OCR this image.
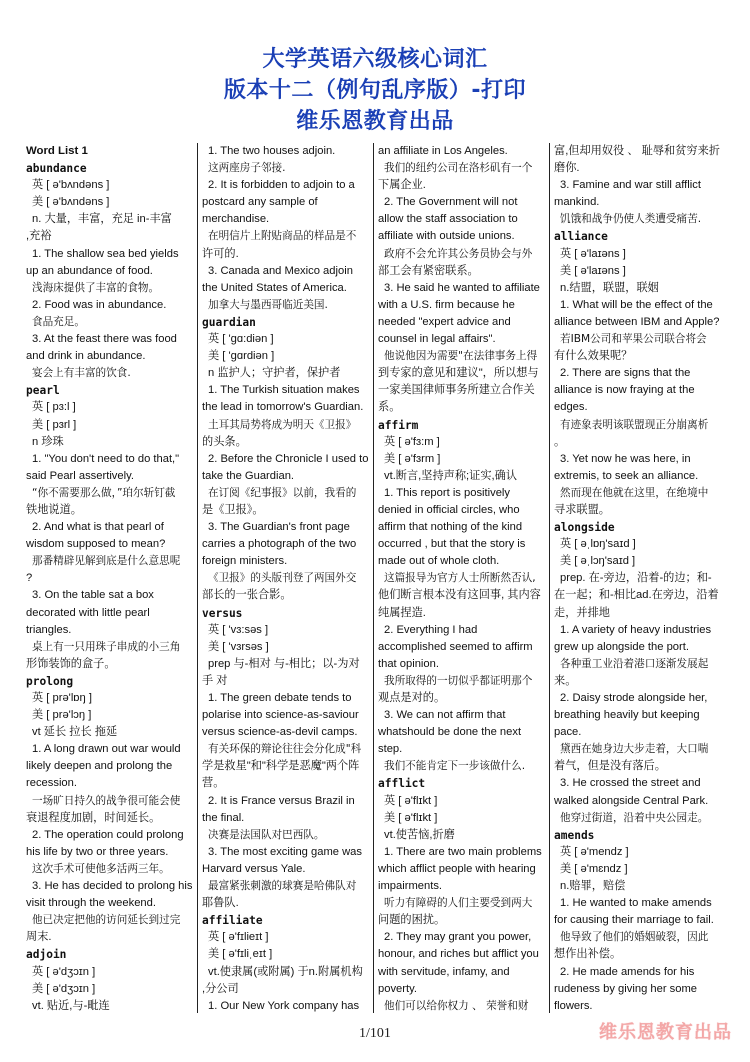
大学英语六级核心词汇

版本十二（例句乱序版）-打印

维乐恩教育出品

Word List 1

abundance

英 [ ə'bʌndəns ]

美 [ ə'bʌndəns ]

n. 大量，丰富，充足 in-丰富

,充裕

1. The shallow sea bed yields

up an abundance of food.

浅海床提供了丰富的食物。

2. Food was in abundance.

食品充足。

3. At the feast there was food

and drink in abundance.

宴会上有丰富的饮食.

pearl

英 [ pɜ:l ]

美 [ pɜrl ]

n 珍珠

1. "You don't need to do that,"

said Pearl assertively.

“你不需要那么做，”珀尔斩钉截

铁地说道。

2. And what is that pearl of

wisdom supposed to mean?

那番精辟见解到底是什么意思呢

?

3. On the table sat a box

decorated with little pearl

triangles.

桌上有一只用珠子串成的小三角

形饰装饰的盒子。

prolong

英 [ prə'lɒŋ ]

美 [ prə'lɔŋ ]

vt 延长 拉长 拖延

1. A long drawn out war would

likely deepen and prolong the

recession.

一场旷日持久的战争很可能会使

衰退程度加剧，时间延长。

2. The operation could prolong

his life by two or three years.

这次手术可使他多活两三年。

3. He has decided to prolong his

visit through the weekend.

他已决定把他的访问延长到过完

周末.

adjoin

英 [ ə'dʒɔɪn ]

美 [ ə'dʒɔɪn ]

vt. 贴近,与-毗连

1. The two houses adjoin.

这两座房子邻接.

2. It is forbidden to adjoin to a

postcard any sample of

merchandise.

在明信片上附贴商品的样品是不

许可的.

3. Canada and Mexico adjoin

the United States of America.

加拿大与墨西哥临近美国.

guardian

英 [ 'gɑ:diən ]

美 [ 'gɑrdiən ]

n 监护人；守护者，保护者

1. The Turkish situation makes

the lead in tomorrow's Guardian.

土耳其局势将成为明天《卫报》

的头条。

2. Before the Chronicle I used to

take the Guardian.

在订阅《纪事报》以前，我看的

是《卫报》。

3. The Guardian's front page

carries a photograph of the two

foreign ministers.

《卫报》的头版刊登了两国外交

部长的一张合影。

versus

英 [ 'vɜ:səs ]

美 [ 'vɜrsəs ]

prep 与-相对 与-相比；以-为对

手 对

1. The green debate tends to

polarise into science-as-saviour

versus science-as-devil camps.

有关环保的辩论往往会分化成"科

学是救星"和"科学是恶魔"两个阵

营。

2. It is France versus Brazil in

the final.

决赛是法国队对巴西队。

3. The most exciting game was

Harvard versus Yale.

最富紧张刺激的球赛是哈佛队对

耶鲁队.

affiliate

英 [ ə'fɪlieɪt ]

美 [ ə'fɪliˌeɪt ]

vt.使隶属(或附属) 于n.附属机构

,分公司

1. Our New York company has

an affiliate in Los Angeles.

我们的纽约公司在洛杉矶有一个

下属企业.

2. The Government will not

allow the staff association to

affiliate with outside unions.

政府不会允许其公务员协会与外

部工会有紧密联系。

3. He said he wanted to affiliate

with a U.S. firm because he

needed "expert advice and

counsel in legal affairs".

他说他因为需要"在法律事务上得

到专家的意见和建议"，所以想与

一家美国律师事务所建立合作关

系。

affirm

英 [ ə'fɜ:m ]

美 [ ə'fɜrm ]

vt.断言,坚持声称;证实,确认

1. This report is positively

denied in official circles, who

affirm that nothing of the kind

occurred , but that the story is

made out of whole cloth.

这篇报导为官方人士所断然否认,

他们断言根本没有这回事, 其内容

纯属捏造.

2. Everything I had

accomplished seemed to affirm

that opinion.

我所取得的一切似乎都证明那个

观点是对的。

3. We can not affirm that

whatshould be done the next

step.

我们不能肯定下一步该做什么.

afflict

英 [ ə'flɪkt ]

美 [ ə'flɪkt ]

vt.使苦恼,折磨

1. There are two main problems

which afflict people with hearing

impairments.

听力有障碍的人们主要受到两大

问题的困扰。

2. They may grant you power,

honour, and riches but afflict you

with servitude, infamy, and

poverty.

他们可以给你权力 、 荣誉和财

富,但却用奴役 、 耻辱和贫穷来折

磨你.

3. Famine and war still afflict

mankind.

饥饿和战争仍使人类遭受痛苦.

alliance

英 [ ə'laɪəns ]

美 [ ə'laɪəns ]

n.结盟，联盟，联姻

1. What will be the effect of the

alliance between IBM and Apple?

若IBM公司和苹果公司联合将会

有什么效果呢？

2. There are signs that the

alliance is now fraying at the

edges.

有迹象表明该联盟现正分崩离析

。

3. Yet now he was here, in

extremis, to seek an alliance.

然而现在他就在这里，在绝境中

寻求联盟。

alongside

英 [ əˌlɒŋ'saɪd ]

美 [ əˌlɔŋ'saɪd ]

prep. 在-旁边，沿着-的边；和-

在一起；和-相比ad.在旁边，沿着

走，并排地

1. A variety of heavy industries

grew up alongside the port.

各种重工业沿着港口逐渐发展起

来。

2. Daisy strode alongside her,

breathing heavily but keeping

pace.

黛西在她身边大步走着，大口喘

着气，但是没有落后。

3. He crossed the street and

walked alongside Central Park.

他穿过街道，沿着中央公园走。

amends

英 [ ə'mendz ]

美 [ ə'mɛndz ]

n.赔罪，赔偿

1. He wanted to make amends

for causing their marriage to fail.

他导致了他们的婚姻破裂，因此

想作出补偿。

2. He made amends for his

rudeness by giving her some

flowers.

1/101	维乐恩教育出品
